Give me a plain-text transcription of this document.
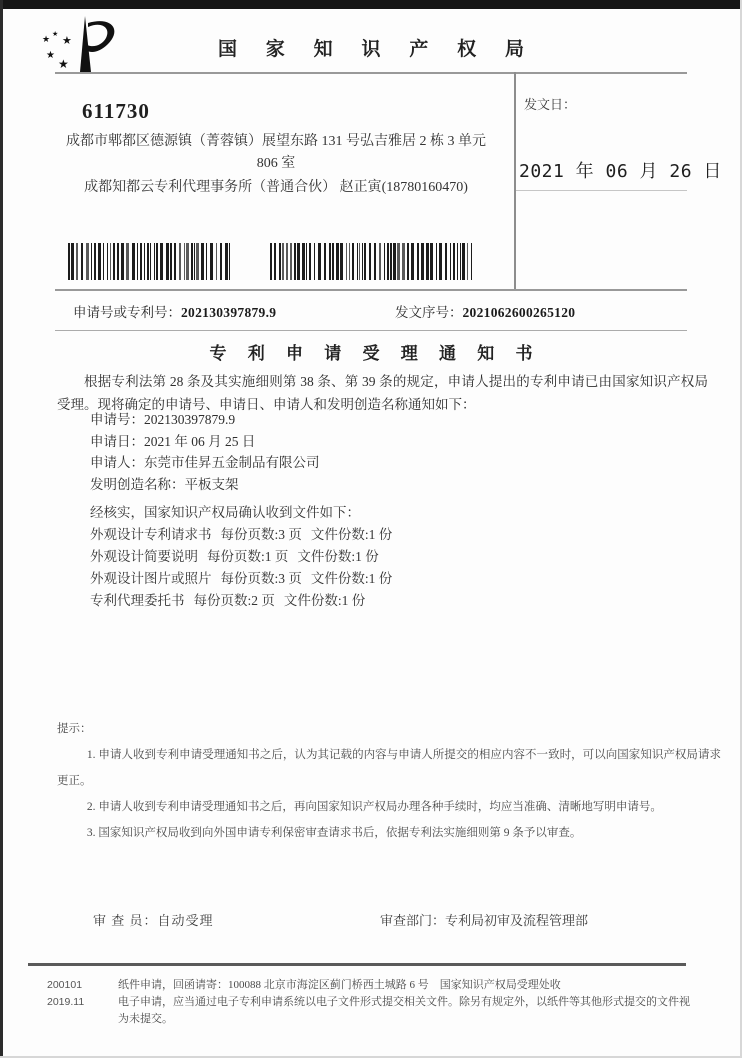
★ ★
★
★
★
国 家 知 识 产 权 局
611730
成都市郫都区德源镇（菁蓉镇）展望东路 131 号弘吉雅居 2 栋 3 单元
806 室
成都知都云专利代理事务所（普通合伙） 赵正寅(18780160470)
发文日：
2021 年 06 月 26 日
申请号或专利号：202130397879.9	发文序号：2021062600265120
专 利 申 请 受 理 通 知 书

根据专利法第 28 条及其实施细则第 38 条、第 39 条的规定，申请人提出的专利申请已由国家知识产权局受理。现将确定的申请号、申请日、申请人和发明创造名称通知如下：

申请号：202130397879.9
申请日：2021 年 06 月 25 日
申请人：东莞市佳昇五金制品有限公司
发明创造名称：平板支架
经核实，国家知识产权局确认收到文件如下：
外观设计专利请求书 每份页数:3 页 文件份数:1 份
外观设计简要说明 每份页数:1 页 文件份数:1 份
外观设计图片或照片 每份页数:3 页 文件份数:1 份
专利代理委托书 每份页数:2 页 文件份数:1 份

提示：

1. 申请人收到专利申请受理通知书之后，认为其记载的内容与申请人所提交的相应内容不一致时，可以向国家知识产权局请求更正。

2. 申请人收到专利申请受理通知书之后，再向国家知识产权局办理各种手续时，均应当准确、清晰地写明申请号。

3. 国家知识产权局收到向外国申请专利保密审查请求书后，依据专利法实施细则第 9 条予以审查。

审 查 员：自动受理	审查部门：专利局初审及流程管理部
200101
2019.11
纸件申请，回函请寄：100088 北京市海淀区蓟门桥西土城路 6 号　国家知识产权局受理处收
电子申请，应当通过电子专利申请系统以电子文件形式提交相关文件。除另有规定外，以纸件等其他形式提交的文件视为未提交。
